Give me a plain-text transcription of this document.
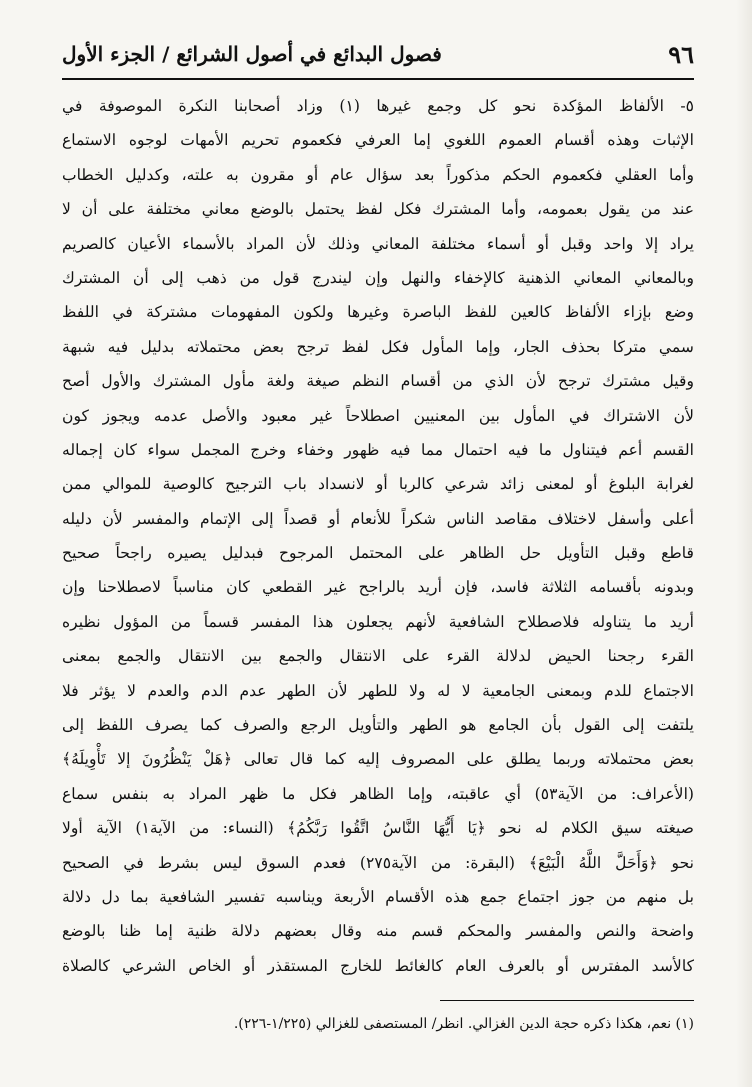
٩٦
فصول البدائع في أصول الشرائع / الجزء الأول
٥- الألفاظ المؤكدة نحو كل وجمع غيرها (١) وزاد أصحابنا النكرة الموصوفة في
الإثبات وهذه أقسام العموم اللغوي إما العرفي فكعموم تحريم الأمهات لوجوه الاستماع
وأما العقلي فكعموم الحكم مذكوراً بعد سؤال عام أو مقرون به علته، وكدليل الخطاب
عند من يقول بعمومه، وأما المشترك فكل لفظ يحتمل بالوضع معاني مختلفة على أن لا
يراد إلا واحد وقبل أو أسماء مختلفة المعاني وذلك لأن المراد بالأسماء الأعيان كالصريم
وبالمعاني المعاني الذهنية كالإخفاء والنهل وإن ليندرج قول من ذهب إلى أن المشترك
وضع بإزاء الألفاظ كالعين للفظ الباصرة وغيرها ولكون المفهومات مشتركة في اللفظ
سمي متركا بحذف الجار، وإما المأول فكل لفظ ترجح بعض محتملاته بدليل فيه شبهة
وقيل مشترك ترجح لأن الذي من أقسام النظم صيغة ولغة مأول المشترك والأول أصح
لأن الاشتراك في المأول بين المعنيين اصطلاحاً غير معبود والأصل عدمه ويجوز كون
القسم أعم فيتناول ما فيه احتمال مما فيه ظهور وخفاء وخرج المجمل سواء كان إجماله
لغرابة البلوغ أو لمعنى زائد شرعي كالربا أو لانسداد باب الترجيح كالوصية للموالي ممن
أعلى وأسفل لاختلاف مقاصد الناس شكراً للأنعام أو قصداً إلى الإتمام والمفسر لأن دليله
قاطع وقبل التأويل حل الظاهر على المحتمل المرجوح فبدليل يصيره راجحاً صحيح
وبدونه بأقسامه الثلاثة فاسد، فإن أريد بالراجح غير القطعي كان مناسباً لاصطلاحنا وإن
أريد ما يتناوله فلاصطلاح الشافعية لأنهم يجعلون هذا المفسر قسماً من المؤول نظيره
القرء رجحنا الحيض لدلالة القرء على الانتقال والجمع بين الانتقال والجمع بمعنى
الاجتماع للدم وبمعنى الجامعية لا له ولا للطهر لأن الطهر عدم الدم والعدم لا يؤثر فلا
يلتفت إلى القول بأن الجامع هو الطهر والتأويل الرجع والصرف كما يصرف اللفظ إلى
بعض محتملاته وربما يطلق على المصروف إليه كما قال تعالى ﴿هَلْ يَنْظُرُونَ إلا تَأْوِيلَهُ﴾
(الأعراف: من الآية٥٣) أي عاقبته، وإما الظاهر فكل ما ظهر المراد به بنفس سماع
صيغته سيق الكلام له نحو ﴿يَا أَيُّهَا النَّاسُ اتَّقُوا رَبَّكُمُ﴾ (النساء: من الآية١) الآية أولا
نحو ﴿وَأَحَلَّ اللَّهُ الْبَيْعَ﴾ (البقرة: من الآية٢٧٥) فعدم السوق ليس بشرط في الصحيح
بل منهم من جوز اجتماع جمع هذه الأقسام الأربعة ويناسبه تفسير الشافعية بما دل دلالة
واضحة والنص والمفسر والمحكم قسم منه وقال بعضهم دلالة ظنية إما ظنا بالوضع
كالأسد المفترس أو بالعرف العام كالغائط للخارج المستقذر أو الخاص الشرعي كالصلاة
(١) نعم، هكذا ذكره حجة الدين الغزالي. انظر/ المستصفى للغزالي (١/٢٢٥-٢٢٦).
